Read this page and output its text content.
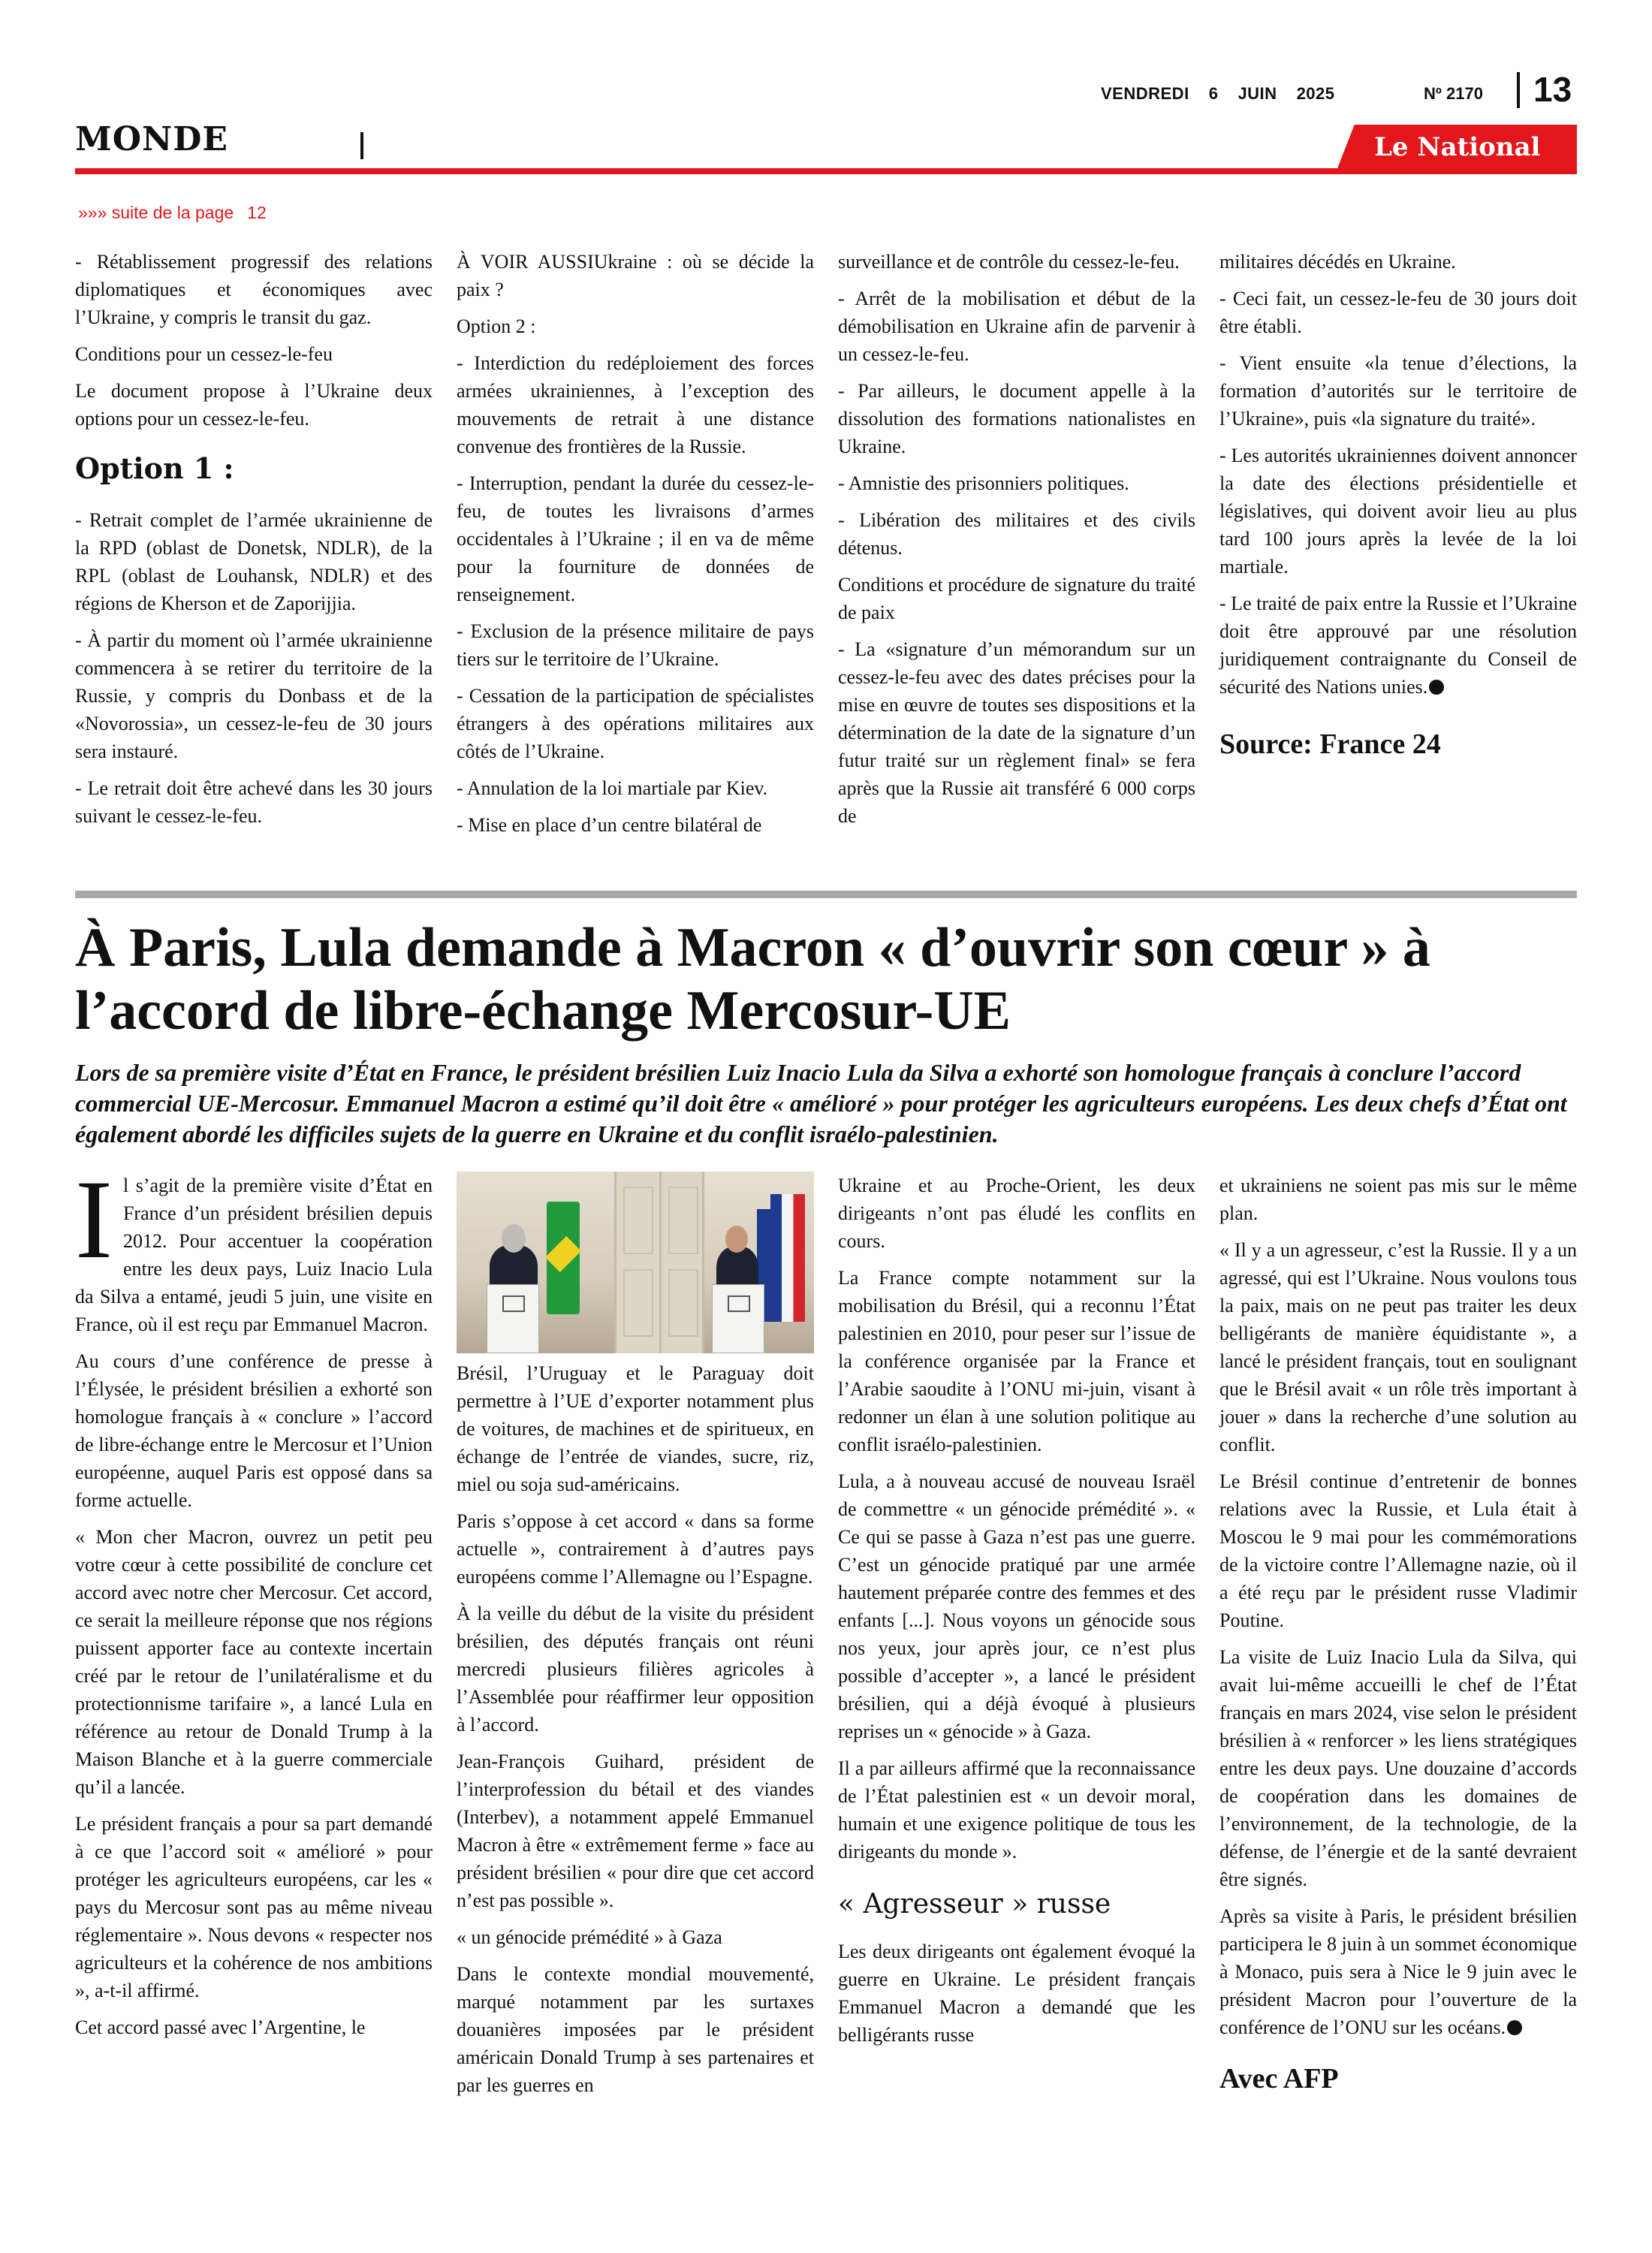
VENDREDI 6 JUIN 2025	Nº 2170 13
MONDE	Le National
»»» suite de la page 12

- Rétablissement progressif des relations diplomatiques et économiques avec l’Ukraine, y compris le transit du gaz.

Conditions pour un cessez-le-feu

Le document propose à l’Ukraine deux options pour un cessez-le-feu.

Option 1 :

- Retrait complet de l’armée ukrainienne de la RPD (oblast de Donetsk, NDLR), de la RPL (oblast de Louhansk, NDLR) et des régions de Kherson et de Zaporijjia.

- À partir du moment où l’armée ukrainienne commencera à se retirer du territoire de la Russie, y compris du Donbass et de la «Novorossia», un cessez-le-feu de 30 jours sera instauré.

- Le retrait doit être achevé dans les 30 jours suivant le cessez-le-feu.

À VOIR AUSSIUkraine : où se décide la paix ?

Option 2 :

- Interdiction du redéploiement des forces armées ukrainiennes, à l’exception des mouvements de retrait à une distance convenue des frontières de la Russie.

- Interruption, pendant la durée du cessez-le-feu, de toutes les livraisons d’armes occidentales à l’Ukraine ; il en va de même pour la fourniture de données de renseignement.

- Exclusion de la présence militaire de pays tiers sur le territoire de l’Ukraine.

- Cessation de la participation de spécialistes étrangers à des opérations militaires aux côtés de l’Ukraine.

- Annulation de la loi martiale par Kiev.

- Mise en place d’un centre bilatéral de

surveillance et de contrôle du cessez-le-feu.

- Arrêt de la mobilisation et début de la démobilisation en Ukraine afin de parvenir à un cessez-le-feu.

- Par ailleurs, le document appelle à la dissolution des formations nationalistes en Ukraine.

- Amnistie des prisonniers politiques.

- Libération des militaires et des civils détenus.

Conditions et procédure de signature du traité de paix

- La «signature d’un mémorandum sur un cessez-le-feu avec des dates précises pour la mise en œuvre de toutes ses dispositions et la détermination de la date de la signature d’un futur traité sur un règlement final» se fera après que la Russie ait transféré 6 000 corps de

militaires décédés en Ukraine.

- Ceci fait, un cessez-le-feu de 30 jours doit être établi.

- Vient ensuite «la tenue d’élections, la formation d’autorités sur le territoire de l’Ukraine», puis «la signature du traité».

- Les autorités ukrainiennes doivent annoncer la date des élections présidentielle et législatives, qui doivent avoir lieu au plus tard 100 jours après la levée de la loi martiale.

- Le traité de paix entre la Russie et l’Ukraine doit être approuvé par une résolution juridiquement contraignante du Conseil de sécurité des Nations unies.

Source: France 24
À Paris, Lula demande à Macron « d’ouvrir son cœur » à l’accord de libre-échange Mercosur-UE
Lors de sa première visite d’État en France, le président brésilien Luiz Inacio Lula da Silva a exhorté son homologue français à conclure l’accord commercial UE-Mercosur. Emmanuel Macron a estimé qu’il doit être « amélioré » pour protéger les agriculteurs européens. Les deux chefs d’État ont également abordé les difficiles sujets de la guerre en Ukraine et du conflit israélo-palestinien.

Il s’agit de la première visite d’État en France d’un président brésilien depuis 2012. Pour accentuer la coopération entre les deux pays, Luiz Inacio Lula da Silva a entamé, jeudi 5 juin, une visite en France, où il est reçu par Emmanuel Macron.

Au cours d’une conférence de presse à l’Élysée, le président brésilien a exhorté son homologue français à « conclure » l’accord de libre-échange entre le Mercosur et l’Union européenne, auquel Paris est opposé dans sa forme actuelle.

« Mon cher Macron, ouvrez un petit peu votre cœur à cette possibilité de conclure cet accord avec notre cher Mercosur. Cet accord, ce serait la meilleure réponse que nos régions puissent apporter face au contexte incertain créé par le retour de l’unilatéralisme et du protectionnisme tarifaire », a lancé Lula en référence au retour de Donald Trump à la Maison Blanche et à la guerre commerciale qu’il a lancée.

Le président français a pour sa part demandé à ce que l’accord soit « amélioré » pour protéger les agriculteurs européens, car les « pays du Mercosur sont pas au même niveau réglementaire ». Nous devons « respecter nos agriculteurs et la cohérence de nos ambitions », a-t-il affirmé.

Cet accord passé avec l’Argentine, le

Brésil, l’Uruguay et le Paraguay doit permettre à l’UE d’exporter notamment plus de voitures, de machines et de spiritueux, en échange de l’entrée de viandes, sucre, riz, miel ou soja sud-américains.

Paris s’oppose à cet accord « dans sa forme actuelle », contrairement à d’autres pays européens comme l’Allemagne ou l’Espagne.

À la veille du début de la visite du président brésilien, des députés français ont réuni mercredi plusieurs filières agricoles à l’Assemblée pour réaffirmer leur opposition à l’accord.

Jean-François Guihard, président de l’interprofession du bétail et des viandes (Interbev), a notamment appelé Emmanuel Macron à être « extrêmement ferme » face au président brésilien « pour dire que cet accord n’est pas possible ».

« un génocide prémédité » à Gaza

Dans le contexte mondial mouvementé, marqué notamment par les surtaxes douanières imposées par le président américain Donald Trump à ses partenaires et par les guerres en

Ukraine et au Proche-Orient, les deux dirigeants n’ont pas éludé les conflits en cours.

La France compte notamment sur la mobilisation du Brésil, qui a reconnu l’État palestinien en 2010, pour peser sur l’issue de la conférence organisée par la France et l’Arabie saoudite à l’ONU mi-juin, visant à redonner un élan à une solution politique au conflit israélo-palestinien.

Lula, a à nouveau accusé de nouveau Israël de commettre « un génocide prémédité ». « Ce qui se passe à Gaza n’est pas une guerre. C’est un génocide pratiqué par une armée hautement préparée contre des femmes et des enfants [...]. Nous voyons un génocide sous nos yeux, jour après jour, ce n’est plus possible d’accepter », a lancé le président brésilien, qui a déjà évoqué à plusieurs reprises un « génocide » à Gaza.

Il a par ailleurs affirmé que la reconnaissance de l’État palestinien est « un devoir moral, humain et une exigence politique de tous les dirigeants du monde ».

« Agresseur » russe

Les deux dirigeants ont également évoqué la guerre en Ukraine. Le président français Emmanuel Macron a demandé que les belligérants russe

et ukrainiens ne soient pas mis sur le même plan.

« Il y a un agresseur, c’est la Russie. Il y a un agressé, qui est l’Ukraine. Nous voulons tous la paix, mais on ne peut pas traiter les deux belligérants de manière équidistante », a lancé le président français, tout en soulignant que le Brésil avait « un rôle très important à jouer » dans la recherche d’une solution au conflit.

Le Brésil continue d’entretenir de bonnes relations avec la Russie, et Lula était à Moscou le 9 mai pour les commémorations de la victoire contre l’Allemagne nazie, où il a été reçu par le président russe Vladimir Poutine.

La visite de Luiz Inacio Lula da Silva, qui avait lui-même accueilli le chef de l’État français en mars 2024, vise selon le président brésilien à « renforcer » les liens stratégiques entre les deux pays. Une douzaine d’accords de coopération dans les domaines de l’environnement, de la technologie, de la défense, de l’énergie et de la santé devraient être signés.

Après sa visite à Paris, le président brésilien participera le 8 juin à un sommet économique à Monaco, puis sera à Nice le 9 juin avec le président Macron pour l’ouverture de la conférence de l’ONU sur les océans.

Avec AFP
